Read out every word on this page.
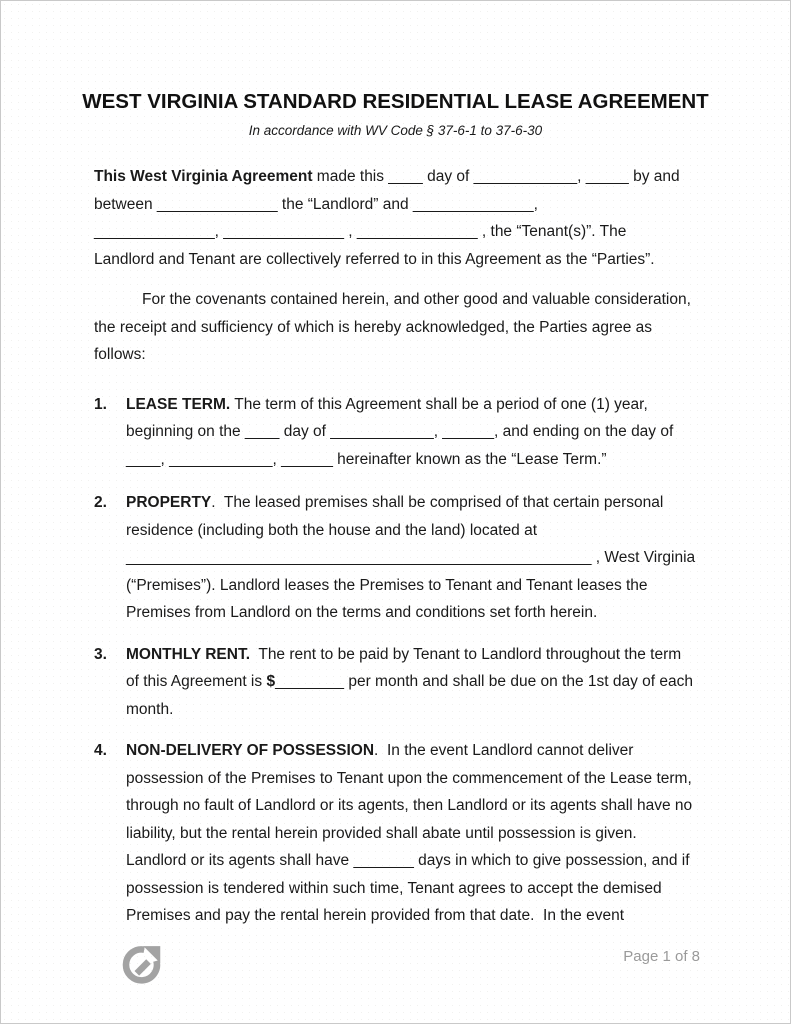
WEST VIRGINIA STANDARD RESIDENTIAL LEASE AGREEMENT
In accordance with WV Code § 37-6-1 to 37-6-30
This West Virginia Agreement made this ____ day of ____________, _____ by and
between ______________ the “Landlord” and ______________,
______________, ______________ , ______________ , the “Tenant(s)”. The
Landlord and Tenant are collectively referred to in this Agreement as the “Parties”.
For the covenants contained herein, and other good and valuable consideration,
the receipt and sufficiency of which is hereby acknowledged, the Parties agree as
follows:
1.	LEASE TERM. The term of this Agreement shall be a period of one (1) year,
beginning on the ____ day of ____________, ______, and ending on the day of
____, ____________, ______ hereinafter known as the “Lease Term.”
2.	PROPERTY.  The leased premises shall be comprised of that certain personal
residence (including both the house and the land) located at
______________________________________________________ , West Virginia
(“Premises”). Landlord leases the Premises to Tenant and Tenant leases the
Premises from Landlord on the terms and conditions set forth herein.
3.	MONTHLY RENT.  The rent to be paid by Tenant to Landlord throughout the term
of this Agreement is $________ per month and shall be due on the 1st day of each
month.
4.	NON-DELIVERY OF POSSESSION.  In the event Landlord cannot deliver
possession of the Premises to Tenant upon the commencement of the Lease term,
through no fault of Landlord or its agents, then Landlord or its agents shall have no
liability, but the rental herein provided shall abate until possession is given.
Landlord or its agents shall have _______ days in which to give possession, and if
possession is tendered within such time, Tenant agrees to accept the demised
Premises and pay the rental herein provided from that date.  In the event
Page 1 of 8
